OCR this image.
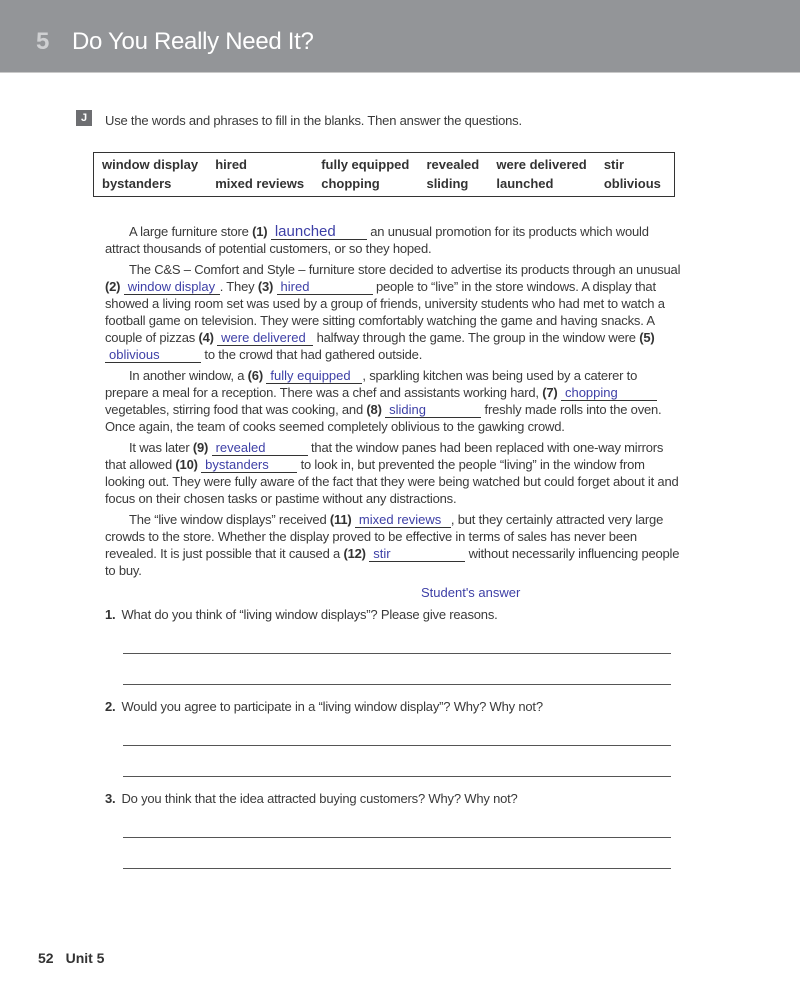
5 Do You Really Need It?
J	Use the words and phrases to fill in the blanks. Then answer the questions.
window display	hired	fully equipped	revealed	were delivered	stir
bystanders	mixed reviews	chopping	sliding	launched	oblivious

A large furniture store (1) launched an unusual promotion for its products which would attract thousands of potential customers, or so they hoped.

The C&S – Comfort and Style – furniture store decided to advertise its products through an unusual (2) window display . They (3) hired	people to “live” in the store windows. A display that showed a living room set was used by a group of friends, university students who had met to watch a football game on television. They were sitting comfortably watching the game and having snacks. A couple of pizzas (4) were delivered halfway through the game. The group in the window were (5) oblivious	to the crowd that had gathered outside.

In another window, a (6) fully equipped , sparkling kitchen was being used by a caterer to prepare a meal for a reception. There was a chef and assistants working hard, (7) chopping vegetables, stirring food that was cooking, and (8) sliding	freshly made rolls into the oven. Once again, the team of cooks seemed completely oblivious to the gawking crowd.

It was later (9) revealed	that the window panes had been replaced with one-way mirrors that allowed (10) bystanders to look in, but prevented the people “living” in the window from looking out. They were fully aware of the fact that they were being watched but could forget about it and focus on their chosen tasks or pastime without any distractions.

The “live window displays” received (11) mixed reviews , but they certainly attracted very large crowds to the store. Whether the display proved to be effective in terms of sales has never been revealed. It is just possible that it caused a (12) stir	without necessarily influencing people to buy.

Student's answer
1. What do you think of “living window displays”? Please give reasons.
2. Would you agree to participate in a “living window display”? Why? Why not?
3. Do you think that the idea attracted buying customers? Why? Why not?
52 Unit 5
